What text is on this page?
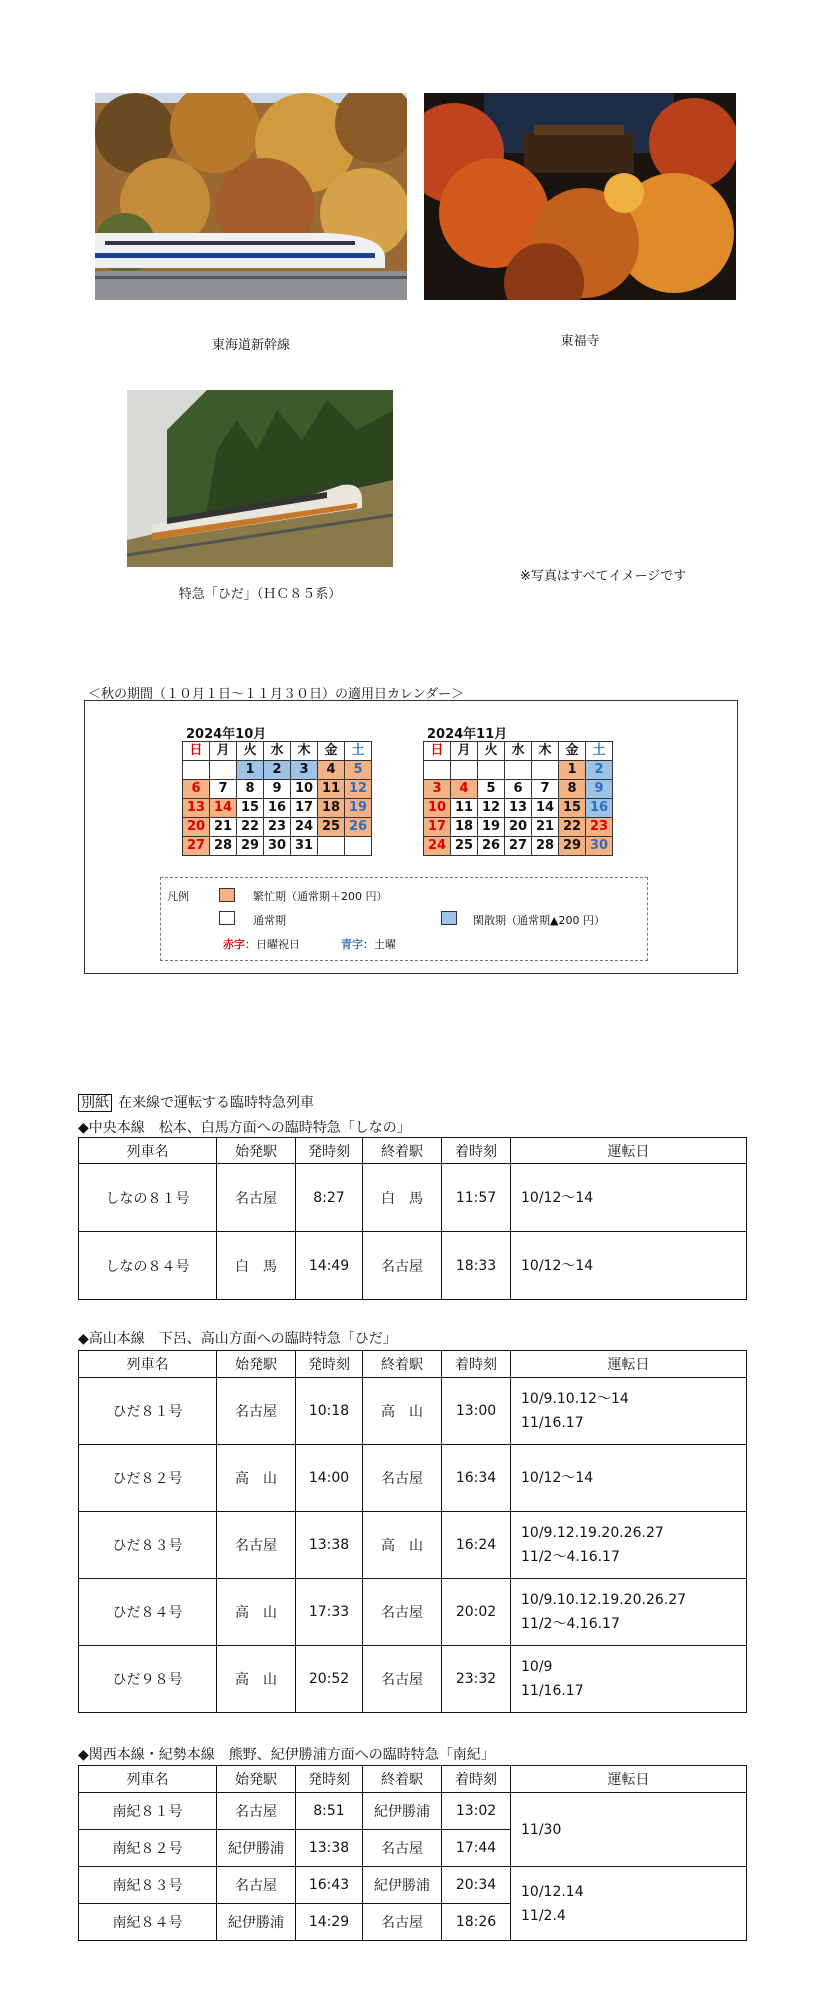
東海道新幹線	東福寺
特急「ひだ」（ＨＣ８５系）
※写真はすべてイメージです
＜秋の期間（１０月１日～１１月３０日）の適用日カレンダー＞
2024年10月
日	月	火	水	木	金	土
		1	2	3	4	5
6	7	8	9	10	11	12
13	14	15	16	17	18	19
20	21	22	23	24	25	26
27	28	29	30	31		
2024年11月
日	月	火	水	木	金	土
					1	2
3	4	5	6	7	8	9
10	11	12	13	14	15	16
17	18	19	20	21	22	23
24	25	26	27	28	29	30
凡例	繁忙期（通常期＋200 円）
通常期	閑散期（通常期▲200 円）
赤字：日曜祝日	青字：土曜
別紙 在来線で運転する臨時特急列車
◆中央本線　松本、白馬方面への臨時特急「しなの」
列車名	始発駅	発時刻	終着駅	着時刻	運転日
しなの８１号	名古屋	8:27	白　馬	11:57	10/12～14

しなの８４号	白　馬	14:49	名古屋	18:33	10/12～14
◆高山本線　下呂、高山方面への臨時特急「ひだ」
列車名	始発駅	発時刻	終着駅	着時刻	運転日
ひだ８１号	名古屋	10:18	高　山	13:00	10/9.10.12～14
11/16.17

ひだ８２号	高　山	14:00	名古屋	16:34	10/12～14

ひだ８３号	名古屋	13:38	高　山	16:24	10/9.12.19.20.26.27
11/2～4.16.17

ひだ８４号	高　山	17:33	名古屋	20:02	10/9.10.12.19.20.26.27
11/2～4.16.17

ひだ９８号	高　山	20:52	名古屋	23:32	10/9
11/16.17
◆関西本線・紀勢本線　熊野、紀伊勝浦方面への臨時特急「南紀」
列車名	始発駅	発時刻	終着駅	着時刻	運転日
南紀８１号	名古屋	8:51	紀伊勝浦	13:02	11/30

南紀８２号	紀伊勝浦	13:38	名古屋	17:44	
南紀８３号	名古屋	16:43	紀伊勝浦	20:34	10/12.14
11/2.4

南紀８４号	紀伊勝浦	14:29	名古屋	18:26	
